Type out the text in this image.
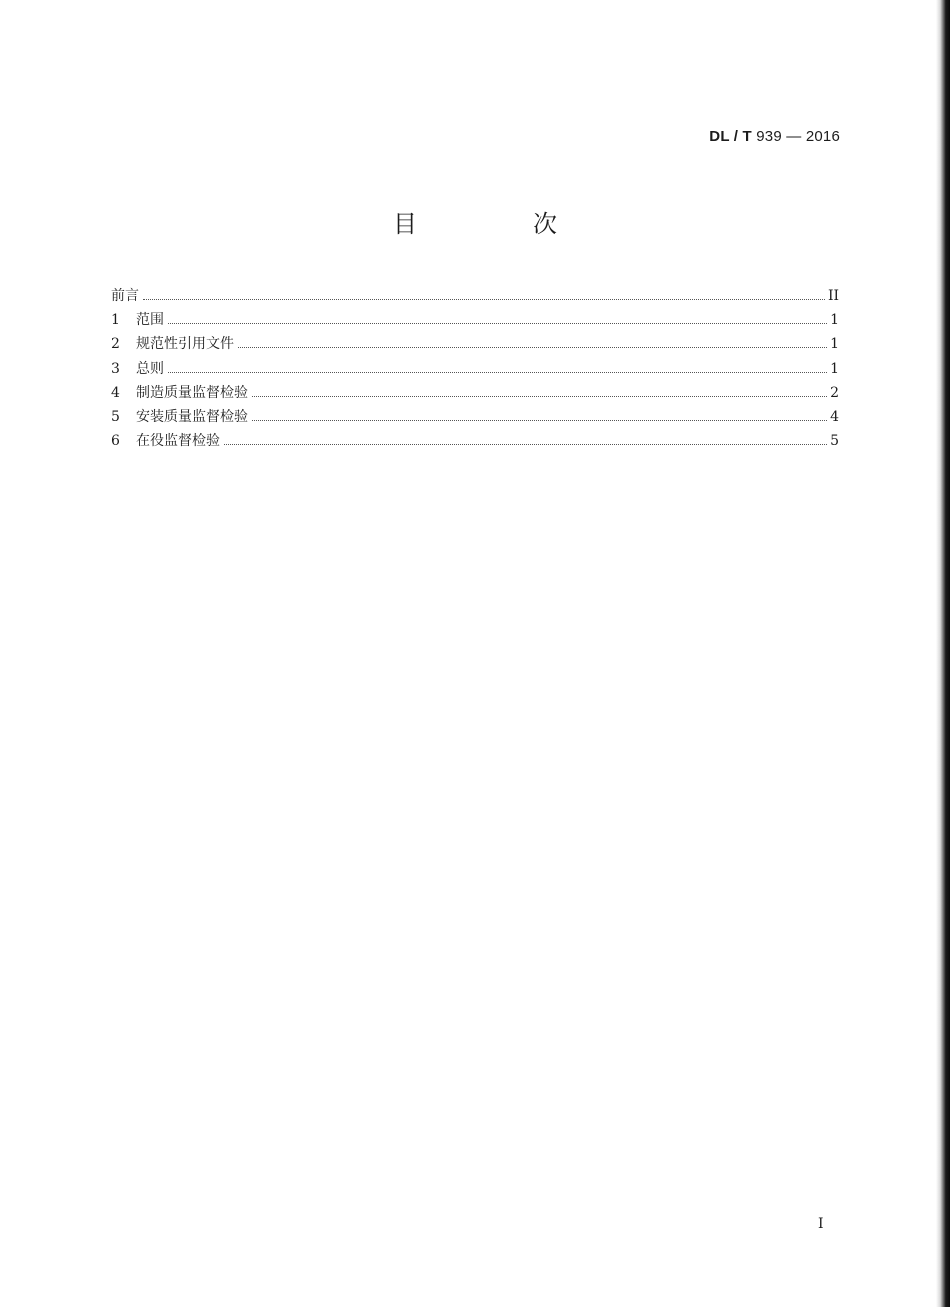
DL / T 939 — 2016
目　次
前言	II
1	范围	1
2	规范性引用文件	1
3	总则	1
4	制造质量监督检验	2
5	安装质量监督检验	4
6	在役监督检验	5
I
